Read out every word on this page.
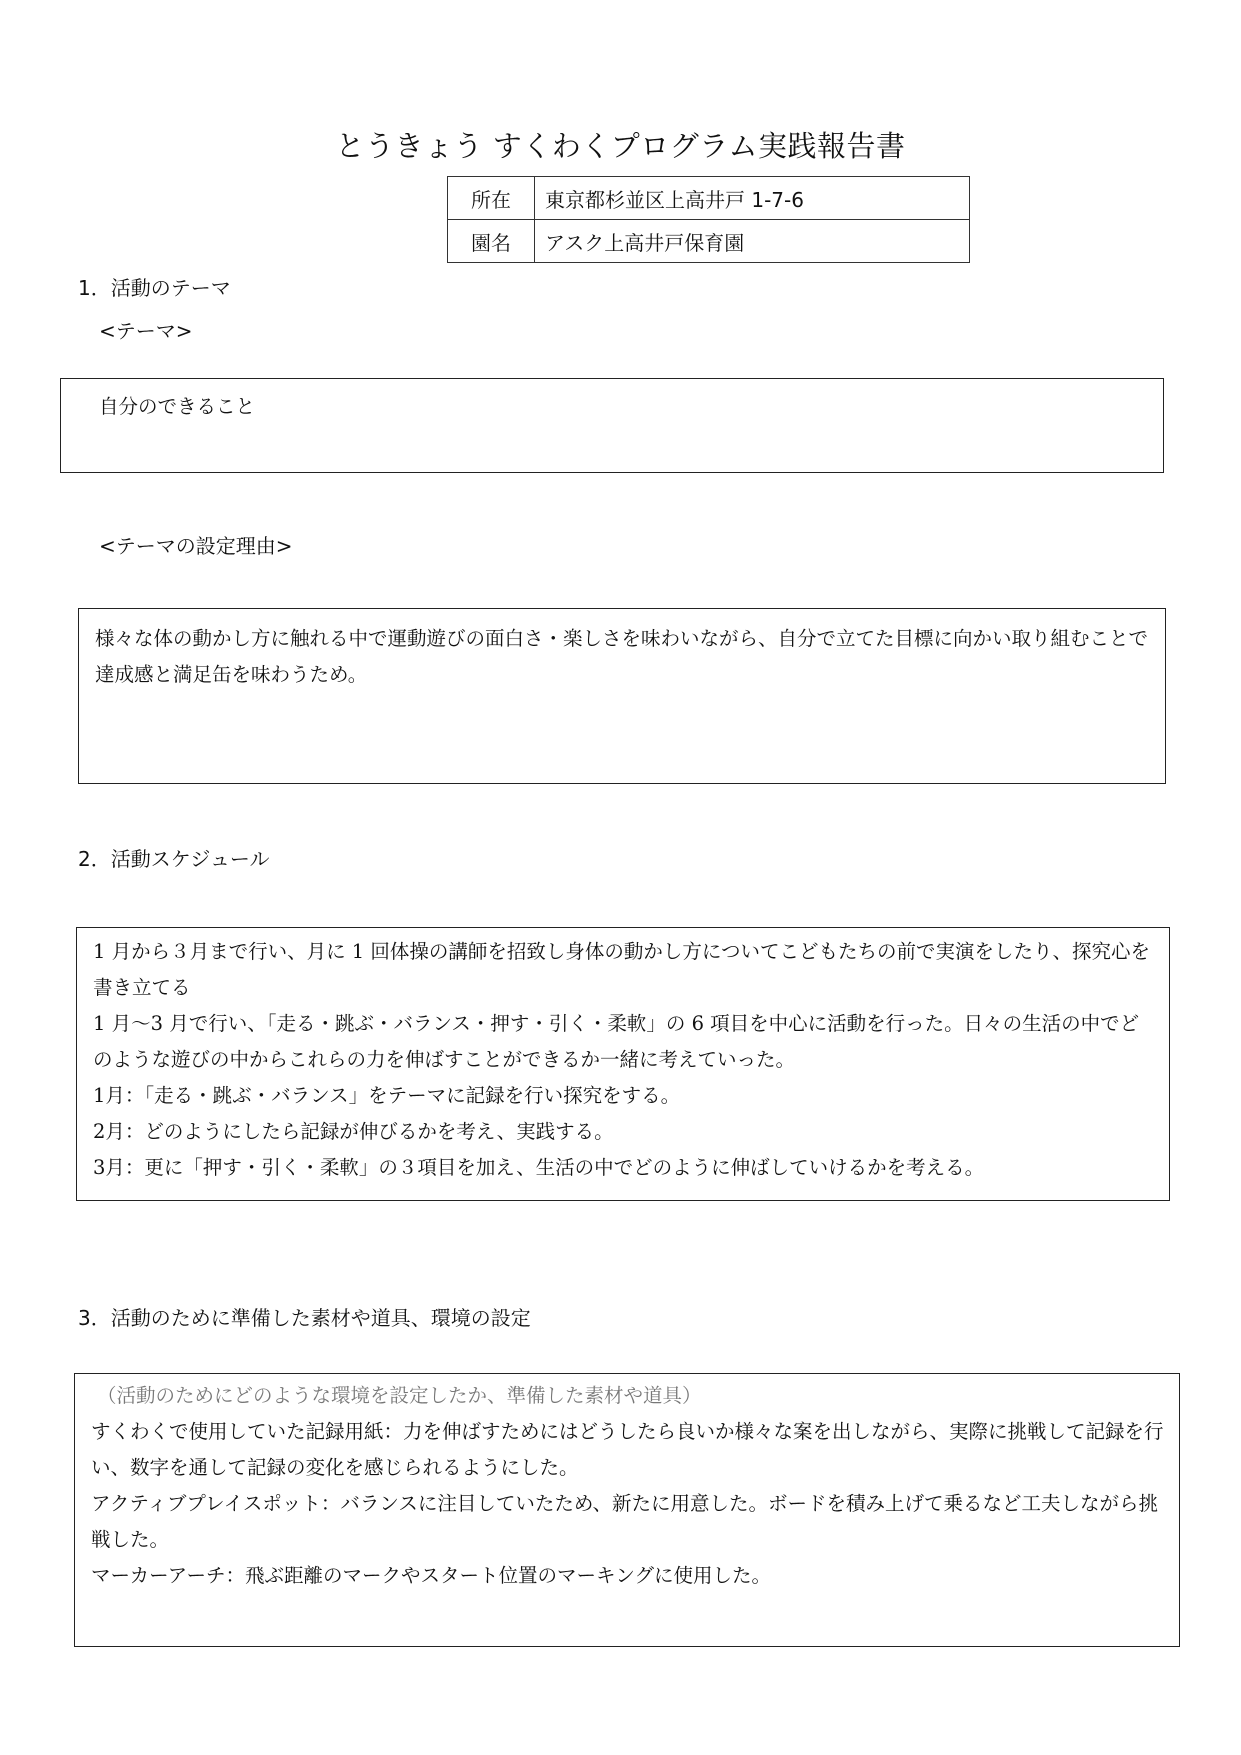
とうきょう すくわくプログラム実践報告書
所在	東京都杉並区上高井戸 1-7-6
園名	アスク上高井戸保育園
1．活動のテーマ
<テーマ>

自分のできること

<テーマの設定理由>

様々な体の動かし方に触れる中で運動遊びの面白さ・楽しさを味わいながら、自分で立てた目標に向かい取り組むことで達成感と満足缶を味わうため。

2．活動スケジュール

1 月から３月まで行い、月に 1 回体操の講師を招致し身体の動かし方についてこどもたちの前で実演をしたり、探究心を書き立てる

1 月～3 月で行い、「走る・跳ぶ・バランス・押す・引く・柔軟」の 6 項目を中心に活動を行った。日々の生活の中でどのような遊びの中からこれらの力を伸ばすことができるか一緒に考えていった。

1月：「走る・跳ぶ・バランス」をテーマに記録を行い探究をする。

2月：どのようにしたら記録が伸びるかを考え、実践する。

3月：更に「押す・引く・柔軟」の３項目を加え、生活の中でどのように伸ばしていけるかを考える。

3．活動のために準備した素材や道具、環境の設定

（活動のためにどのような環境を設定したか、準備した素材や道具）

すくわくで使用していた記録用紙：力を伸ばすためにはどうしたら良いか様々な案を出しながら、実際に挑戦して記録を行い、数字を通して記録の変化を感じられるようにした。

アクティブプレイスポット：バランスに注目していたため、新たに用意した。ボードを積み上げて乗るなど工夫しながら挑戦した。

マーカーアーチ：飛ぶ距離のマークやスタート位置のマーキングに使用した。
